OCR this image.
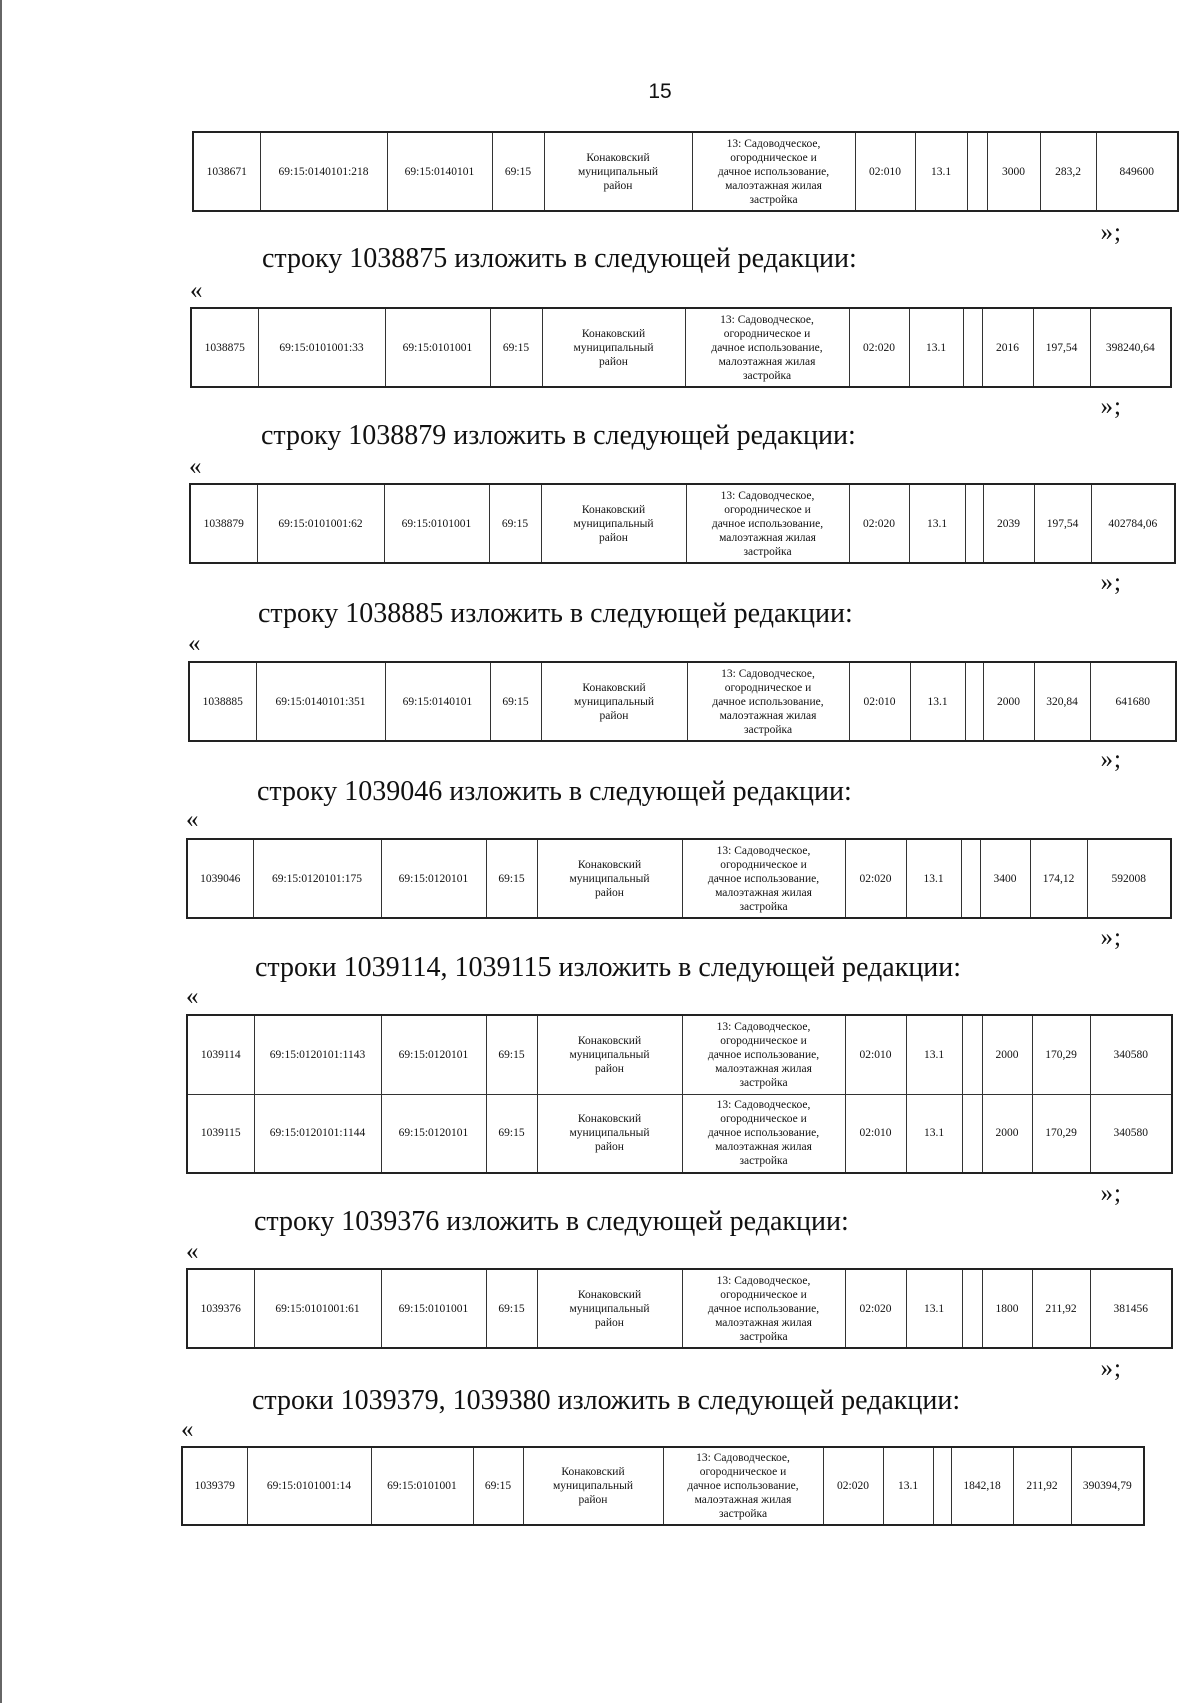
15
1038671	69:15:0140101:218	69:15:0140101	69:15	Конаковский
муниципальный
район	13: Садоводческое,
огородническое и
дачное использование,
малоэтажная жилая
застройка	02:010	13.1		3000	283,2	849600
»;
строку 1038875 изложить в следующей редакции:
«
1038875	69:15:0101001:33	69:15:0101001	69:15	Конаковский
муниципальный
район	13: Садоводческое,
огородническое и
дачное использование,
малоэтажная жилая
застройка	02:020	13.1		2016	197,54	398240,64
»;
строку 1038879 изложить в следующей редакции:
«
1038879	69:15:0101001:62	69:15:0101001	69:15	Конаковский
муниципальный
район	13: Садоводческое,
огородническое и
дачное использование,
малоэтажная жилая
застройка	02:020	13.1		2039	197,54	402784,06
»;
строку 1038885 изложить в следующей редакции:
«
1038885	69:15:0140101:351	69:15:0140101	69:15	Конаковский
муниципальный
район	13: Садоводческое,
огородническое и
дачное использование,
малоэтажная жилая
застройка	02:010	13.1		2000	320,84	641680
»;
строку 1039046 изложить в следующей редакции:
«
1039046	69:15:0120101:175	69:15:0120101	69:15	Конаковский
муниципальный
район	13: Садоводческое,
огородническое и
дачное использование,
малоэтажная жилая
застройка	02:020	13.1		3400	174,12	592008
»;
строки 1039114, 1039115 изложить в следующей редакции:
«
1039114	69:15:0120101:1143	69:15:0120101	69:15	Конаковский
муниципальный
район	13: Садоводческое,
огородническое и
дачное использование,
малоэтажная жилая
застройка	02:010	13.1		2000	170,29	340580
1039115	69:15:0120101:1144	69:15:0120101	69:15	Конаковский
муниципальный
район	13: Садоводческое,
огородническое и
дачное использование,
малоэтажная жилая
застройка	02:010	13.1		2000	170,29	340580
»;
строку 1039376 изложить в следующей редакции:
«
1039376	69:15:0101001:61	69:15:0101001	69:15	Конаковский
муниципальный
район	13: Садоводческое,
огородническое и
дачное использование,
малоэтажная жилая
застройка	02:020	13.1		1800	211,92	381456
»;
строки 1039379, 1039380 изложить в следующей редакции:
«
1039379	69:15:0101001:14	69:15:0101001	69:15	Конаковский
муниципальный
район	13: Садоводческое,
огородническое и
дачное использование,
малоэтажная жилая
застройка	02:020	13.1		1842,18	211,92	390394,79
